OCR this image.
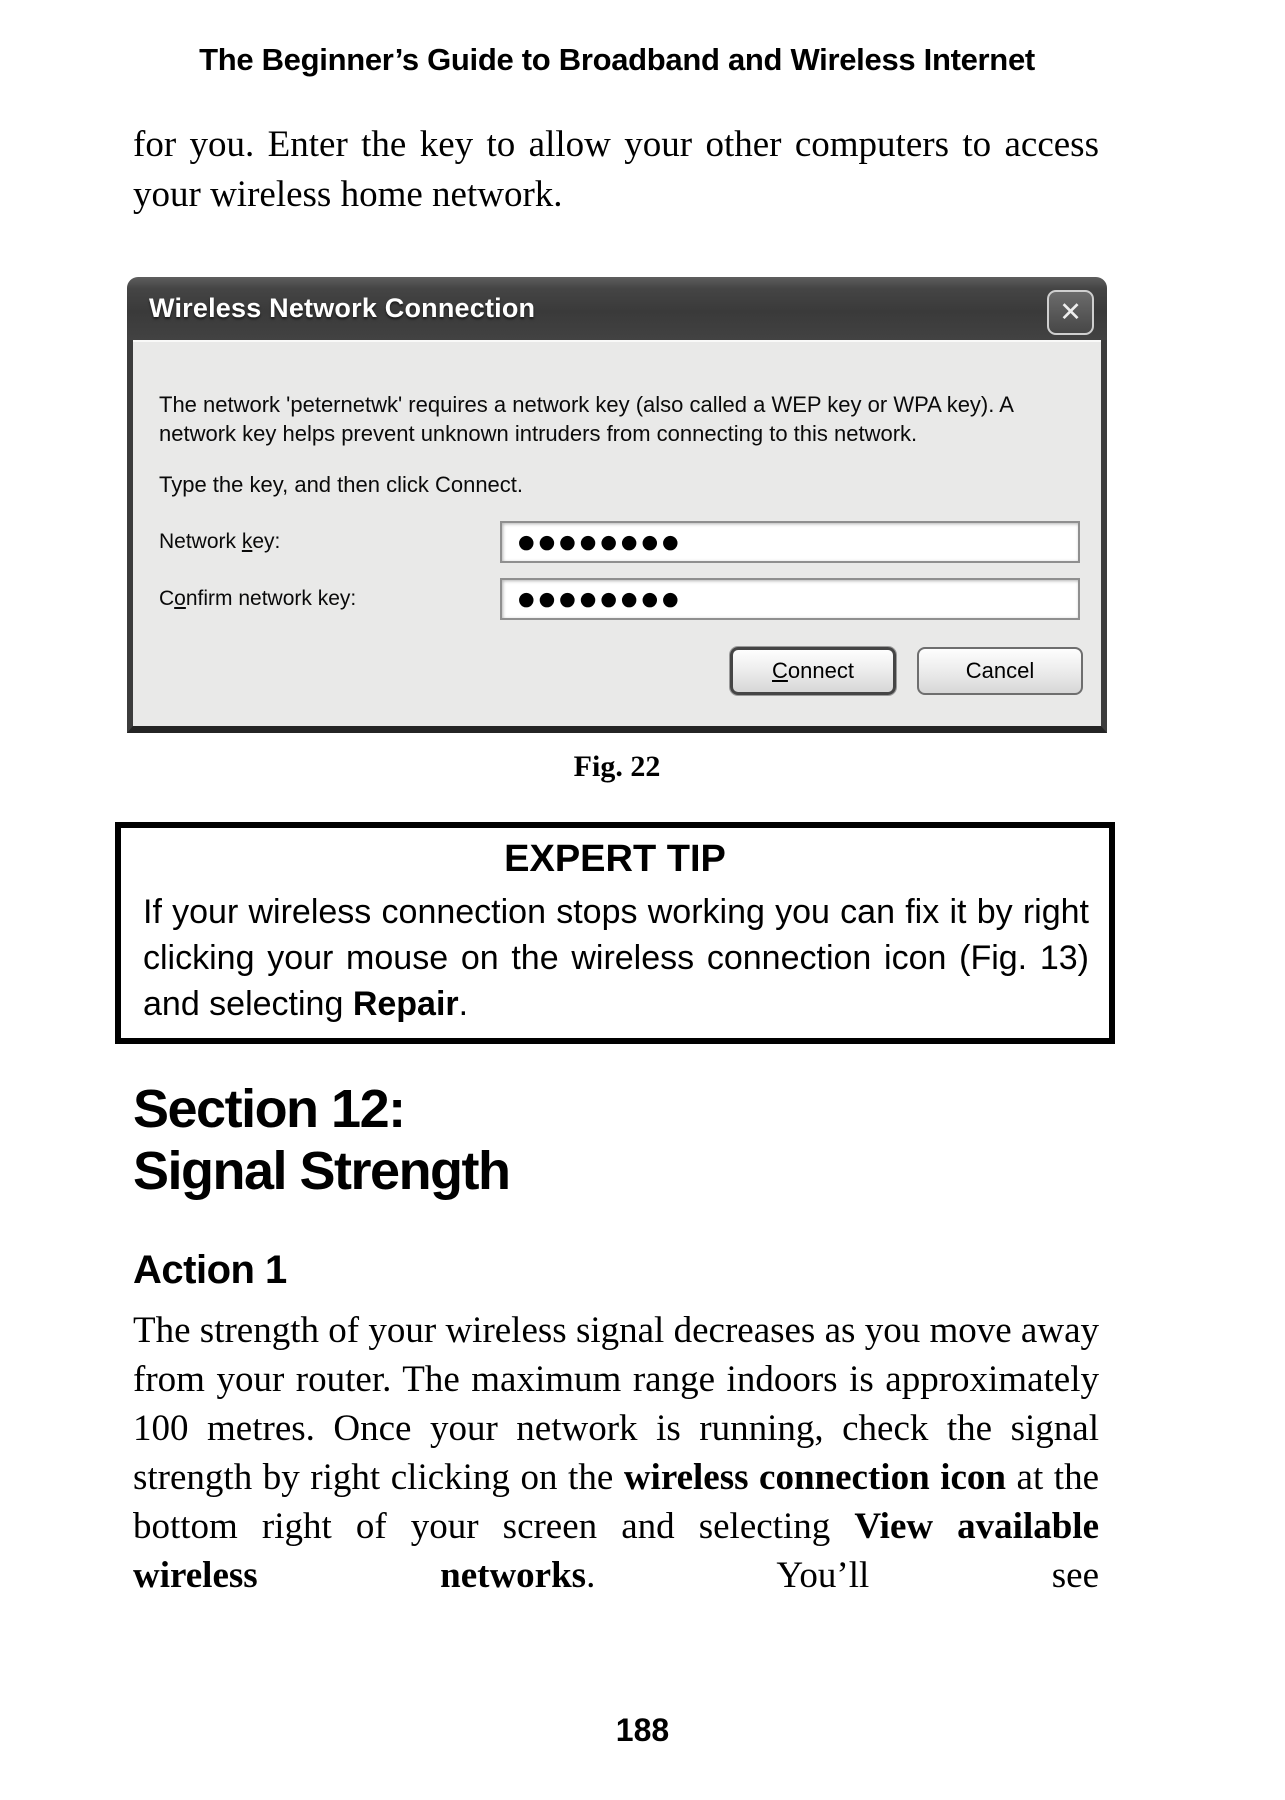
The Beginner’s Guide to Broadband and Wireless Internet
for you. Enter the key to allow your other computers to access your wireless home network.
Wireless Network Connection	✕
The network 'peternetwk' requires a network key (also called a WEP key or WPA key). A network key helps prevent unknown intruders from connecting to this network.
Type the key, and then click Connect.
Network key:	●●●●●●●●
Confirm network key:	●●●●●●●●
Connect	Cancel
Fig. 22
EXPERT TIP
If your wireless connection stops working you can fix it by right clicking your mouse on the wireless connection icon (Fig. 13) and selecting Repair.
Section 12:
Signal Strength
Action 1
The strength of your wireless signal decreases as you move away from your router. The maximum range indoors is approximately 100 metres. Once your network is running, check the signal strength by right clicking on the wireless connection icon at the bottom right of your screen and selecting View available wireless networks. You’ll see
188
